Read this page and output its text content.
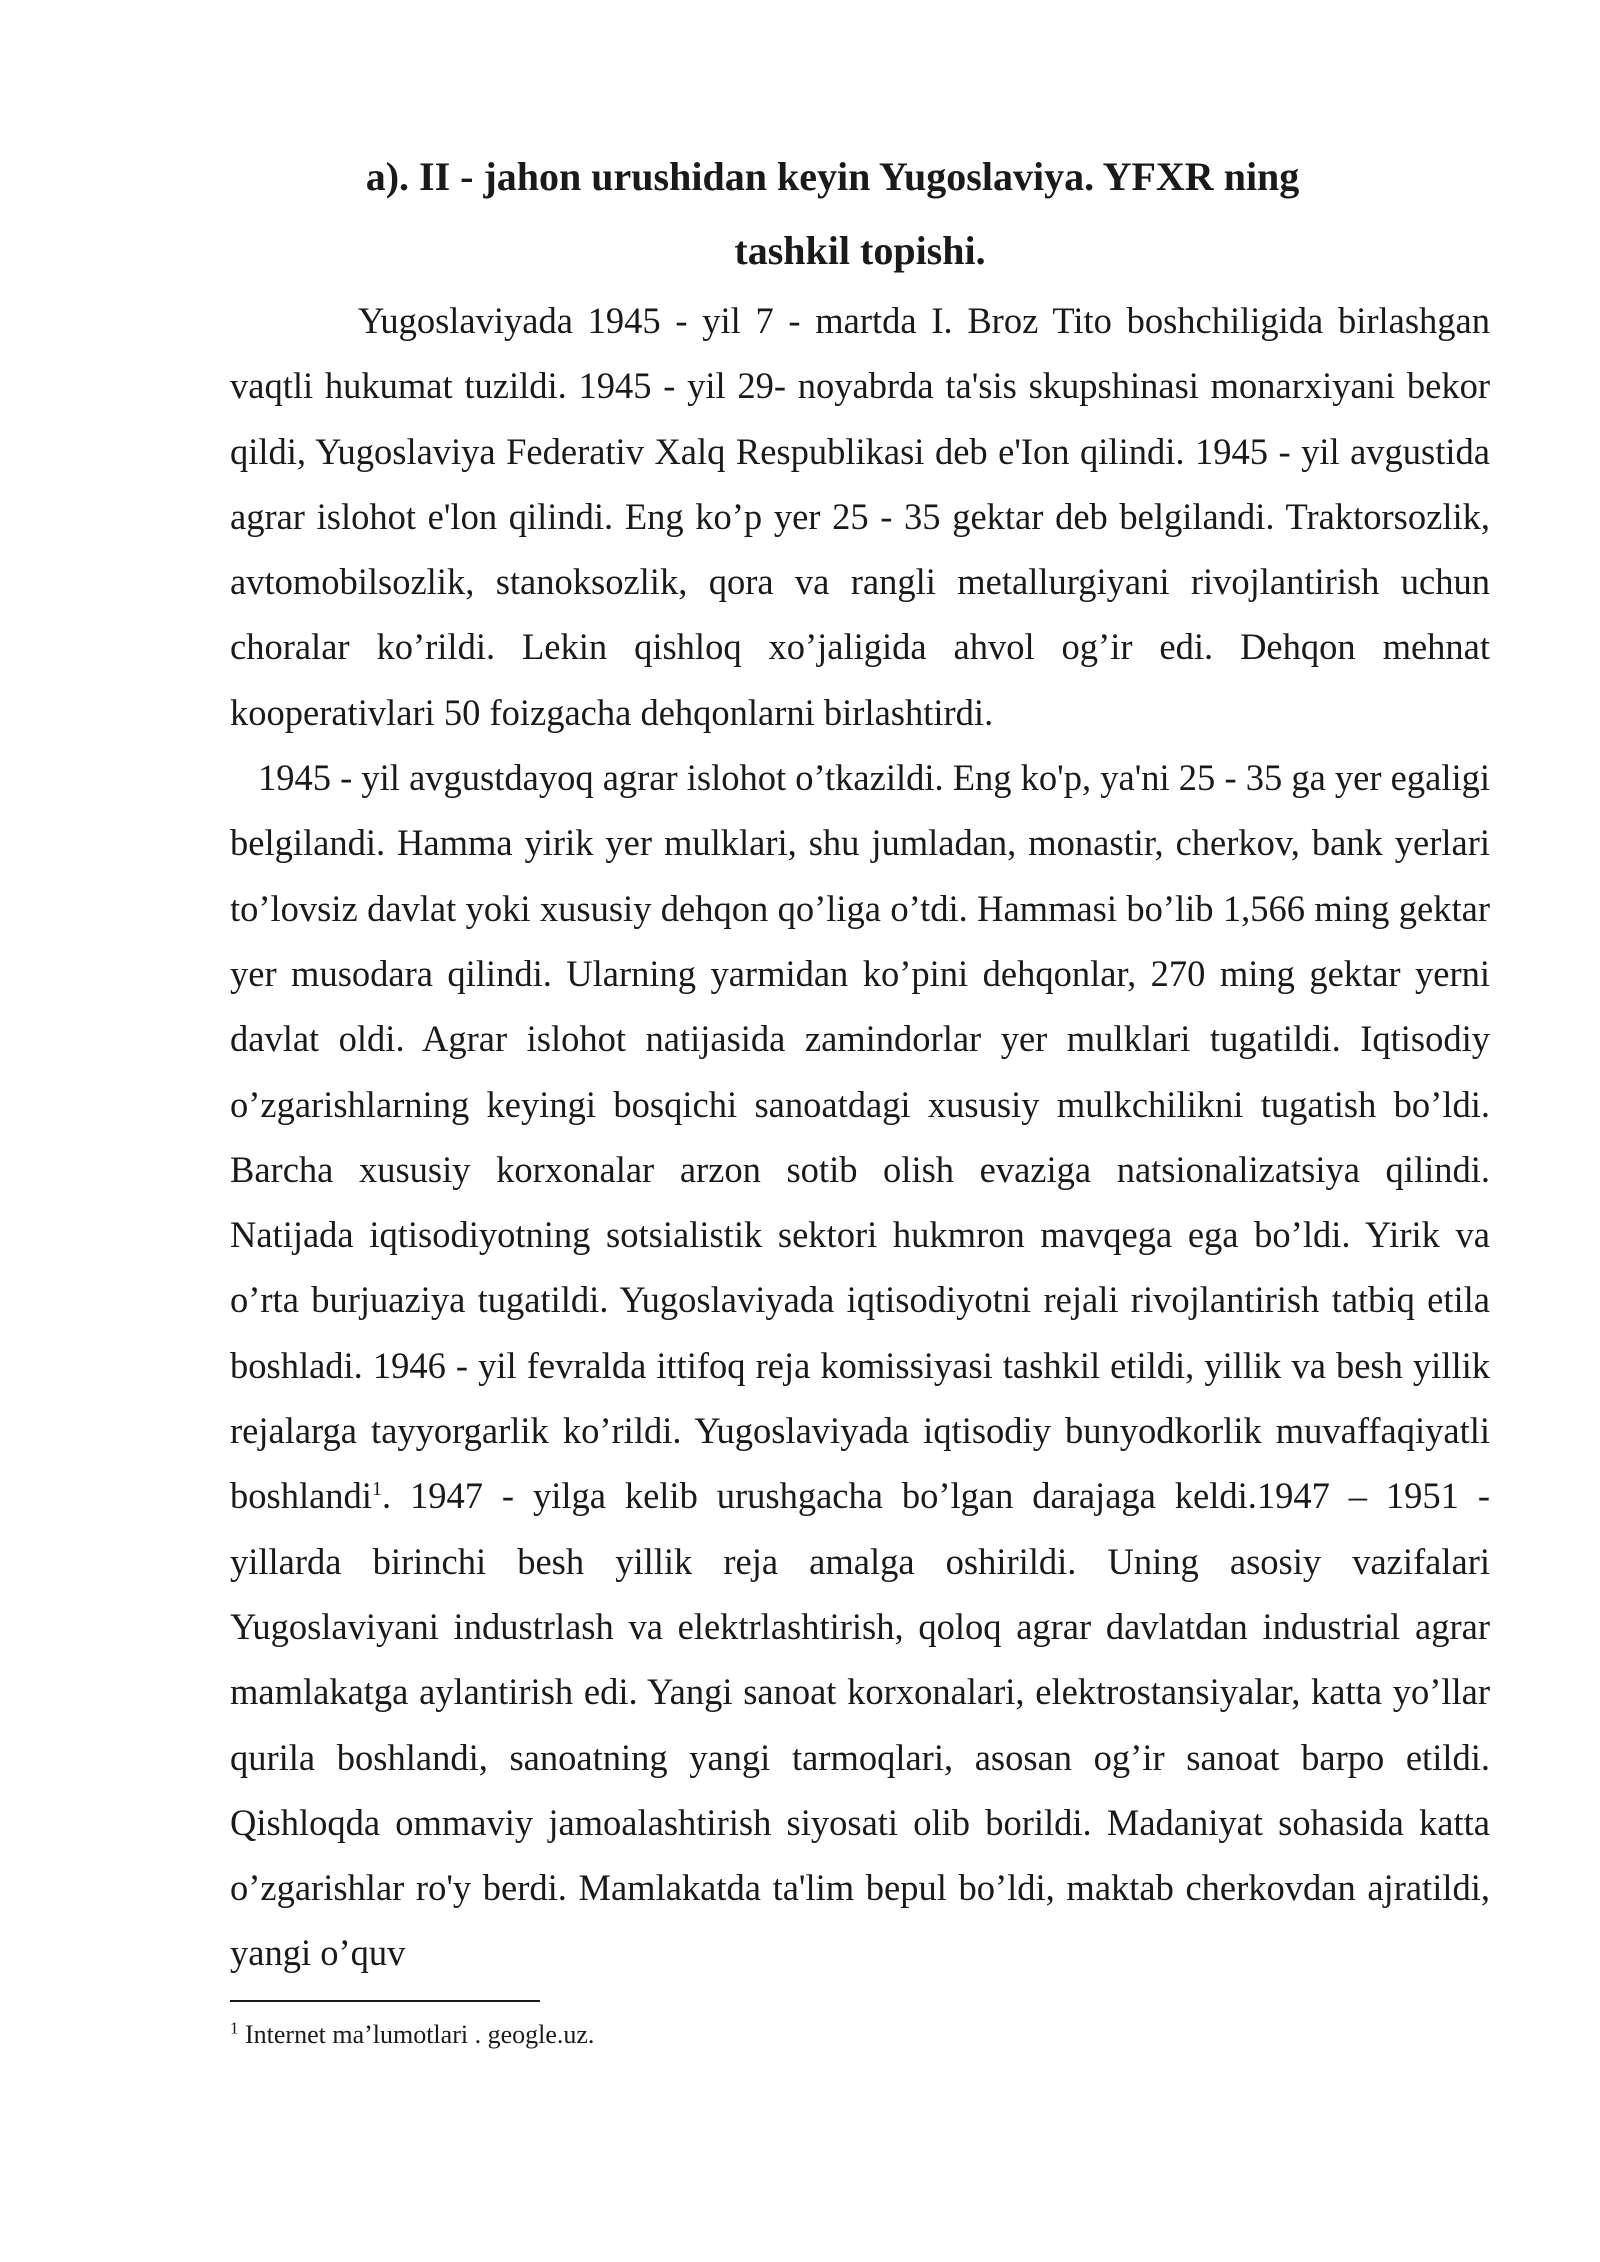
a). II - jahon urushidan keyin Yugoslaviya. YFXR ning
tashkil topishi.

Yugoslaviyada 1945 - yil 7 - martda I. Broz Tito boshchiligida birlashgan vaqtli hukumat tuzildi. 1945 - yil 29- noyabrda ta'sis skupshinasi monarxiyani bekor qildi, Yugoslaviya Federativ Xalq Respublikasi deb e'Ion qilindi. 1945 - yil avgustida agrar islohot e'lon qilindi. Eng ko’p yer 25 - 35 gektar deb belgilandi. Traktorsozlik, avtomobilsozlik, stanoksozlik, qora va rangli metallurgiyani rivojlantirish uchun choralar ko’rildi. Lekin qishloq xo’jaligida ahvol og’ir edi. Dehqon mehnat kooperativlari 50 foizgacha dehqonlarni birlashtirdi.

1945 - yil avgustdayoq agrar islohot o’tkazildi. Eng ko'p, ya'ni 25 - 35 ga yer egaligi belgilandi. Hamma yirik yer mulklari, shu jumladan, monastir, cherkov, bank yerlari to’lovsiz davlat yoki xususiy dehqon qo’liga o’tdi. Hammasi bo’lib 1,566 ming gektar yer musodara qilindi. Ularning yarmidan ko’pini dehqonlar, 270 ming gektar yerni davlat oldi. Agrar islohot natijasida zamindorlar yer mulklari tugatildi. Iqtisodiy o’zgarishlarning keyingi bosqichi sanoatdagi xususiy mulkchilikni tugatish bo’ldi. Barcha xususiy korxonalar arzon sotib olish evaziga natsionalizatsiya qilindi. Natijada iqtisodiyotning sotsialistik sektori hukmron mavqega ega bo’ldi. Yirik va o’rta burjuaziya tugatildi. Yugoslaviyada iqtisodiyotni rejali rivojlantirish tatbiq etila boshladi. 1946 - yil fevralda ittifoq reja komissiyasi tashkil etildi, yillik va besh yillik rejalarga tayyorgarlik ko’rildi. Yugoslaviyada iqtisodiy bunyodkorlik muvaffaqiyatli boshlandi$^1$. 1947 - yilga kelib urushgacha bo’lgan darajaga keldi.1947 – 1951 - yillarda birinchi besh yillik reja amalga oshirildi. Uning asosiy vazifalari Yugoslaviyani industrlash va elektrlashtirish, qoloq agrar davlatdan industrial agrar mamlakatga aylantirish edi. Yangi sanoat korxonalari, elektrostansiyalar, katta yo’llar qurila boshlandi, sanoatning yangi tarmoqlari, asosan og’ir sanoat barpo etildi. Qishloqda ommaviy jamoalashtirish siyosati olib borildi. Madaniyat sohasida katta o’zgarishlar ro'y berdi. Mamlakatda ta'lim bepul bo’ldi, maktab cherkovdan ajratildi, yangi o’quv

$^1$ Internet ma’lumotlari . geogle.uz.
